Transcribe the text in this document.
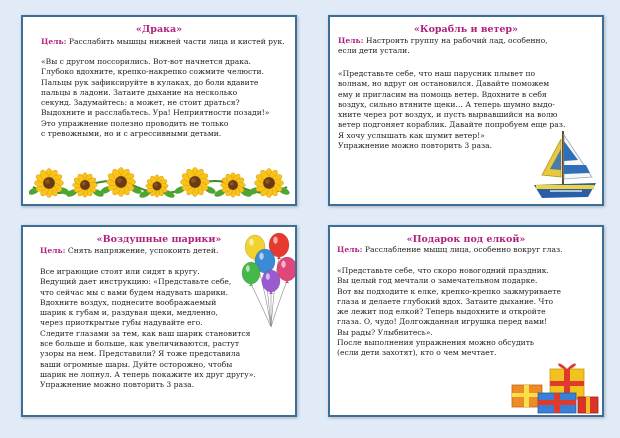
«Драка»
Цель: Расслабить мышцы нижней части лица и кистей рук.
«Вы с другом поссорились. Вот-вот начнется драка.
Глубоко вдохните, крепко-накрепко сожмите челюсти.
Пальцы рук зафиксируйте в кулаках, до боли вдавите
пальцы в ладони. Затаите дыхание на несколько
секунд. Задумайтесь: а может, не стоит драться?
Выдохните и расслабьтесь. Ура! Неприятности позади!»
Это упражнение полезно проводить не только
с тревожными, но и с агрессивными детьми.
«Корабль и ветер»
Цель: Настроить группу на рабочий лад, особенно,
если дети устали.
«Представьте себе, что наш парусник плывет по
волнам, но вдруг он остановился. Давайте поможем
ему и пригласим на помощь ветер. Вдохните в себя
воздух, сильно втяните щеки… А теперь шумно выдо-
хните через рот воздух, и пусть вырвавшийся на волю
ветер подгоняет кораблик. Давайте попробуем еще раз.
Я хочу услышать как шумит ветер!»
Упражнение можно повторить 3 раза.
«Воздушные шарики»
Цель: Снять напряжение, успокоить детей.
Все играющие стоят или сидят в кругу.
Ведущий дает инструкцию: «Представьте себе,
что сейчас мы с вами будем надувать шарики.
Вдохните воздух, поднесите воображаемый
шарик к губам и, раздувая щеки, медленно,
через приоткрытые губы надувайте его.
Следите глазами за тем, как ваш шарик становится
все больше и больше, как увеличиваются, растут
узоры на нем. Представили? Я тоже представила
ваши огромные шары. Дуйте осторожно, чтобы
шарик не лопнул. А теперь покажите их друг другу».
Упражнение можно повторить 3 раза.
«Подарок под елкой»
Цель: Расслабление мышц лица, особенно вокруг глаз.
«Представьте себе, что скоро новогодний праздник.
Вы целый год мечтали о замечательном подарке.
Вот вы подходите к елке, крепко-крепко зажмуриваете
глаза и делаете глубокий вдох. Затаите дыхание. Что
же лежит под елкой? Теперь выдохните и откройте
глаза. О, чудо! Долгожданная игрушка перед вами!
Вы рады? Улыбнитесь».
После выполнения упражнения можно обсудить
(если дети захотят), кто о чем мечтает.
